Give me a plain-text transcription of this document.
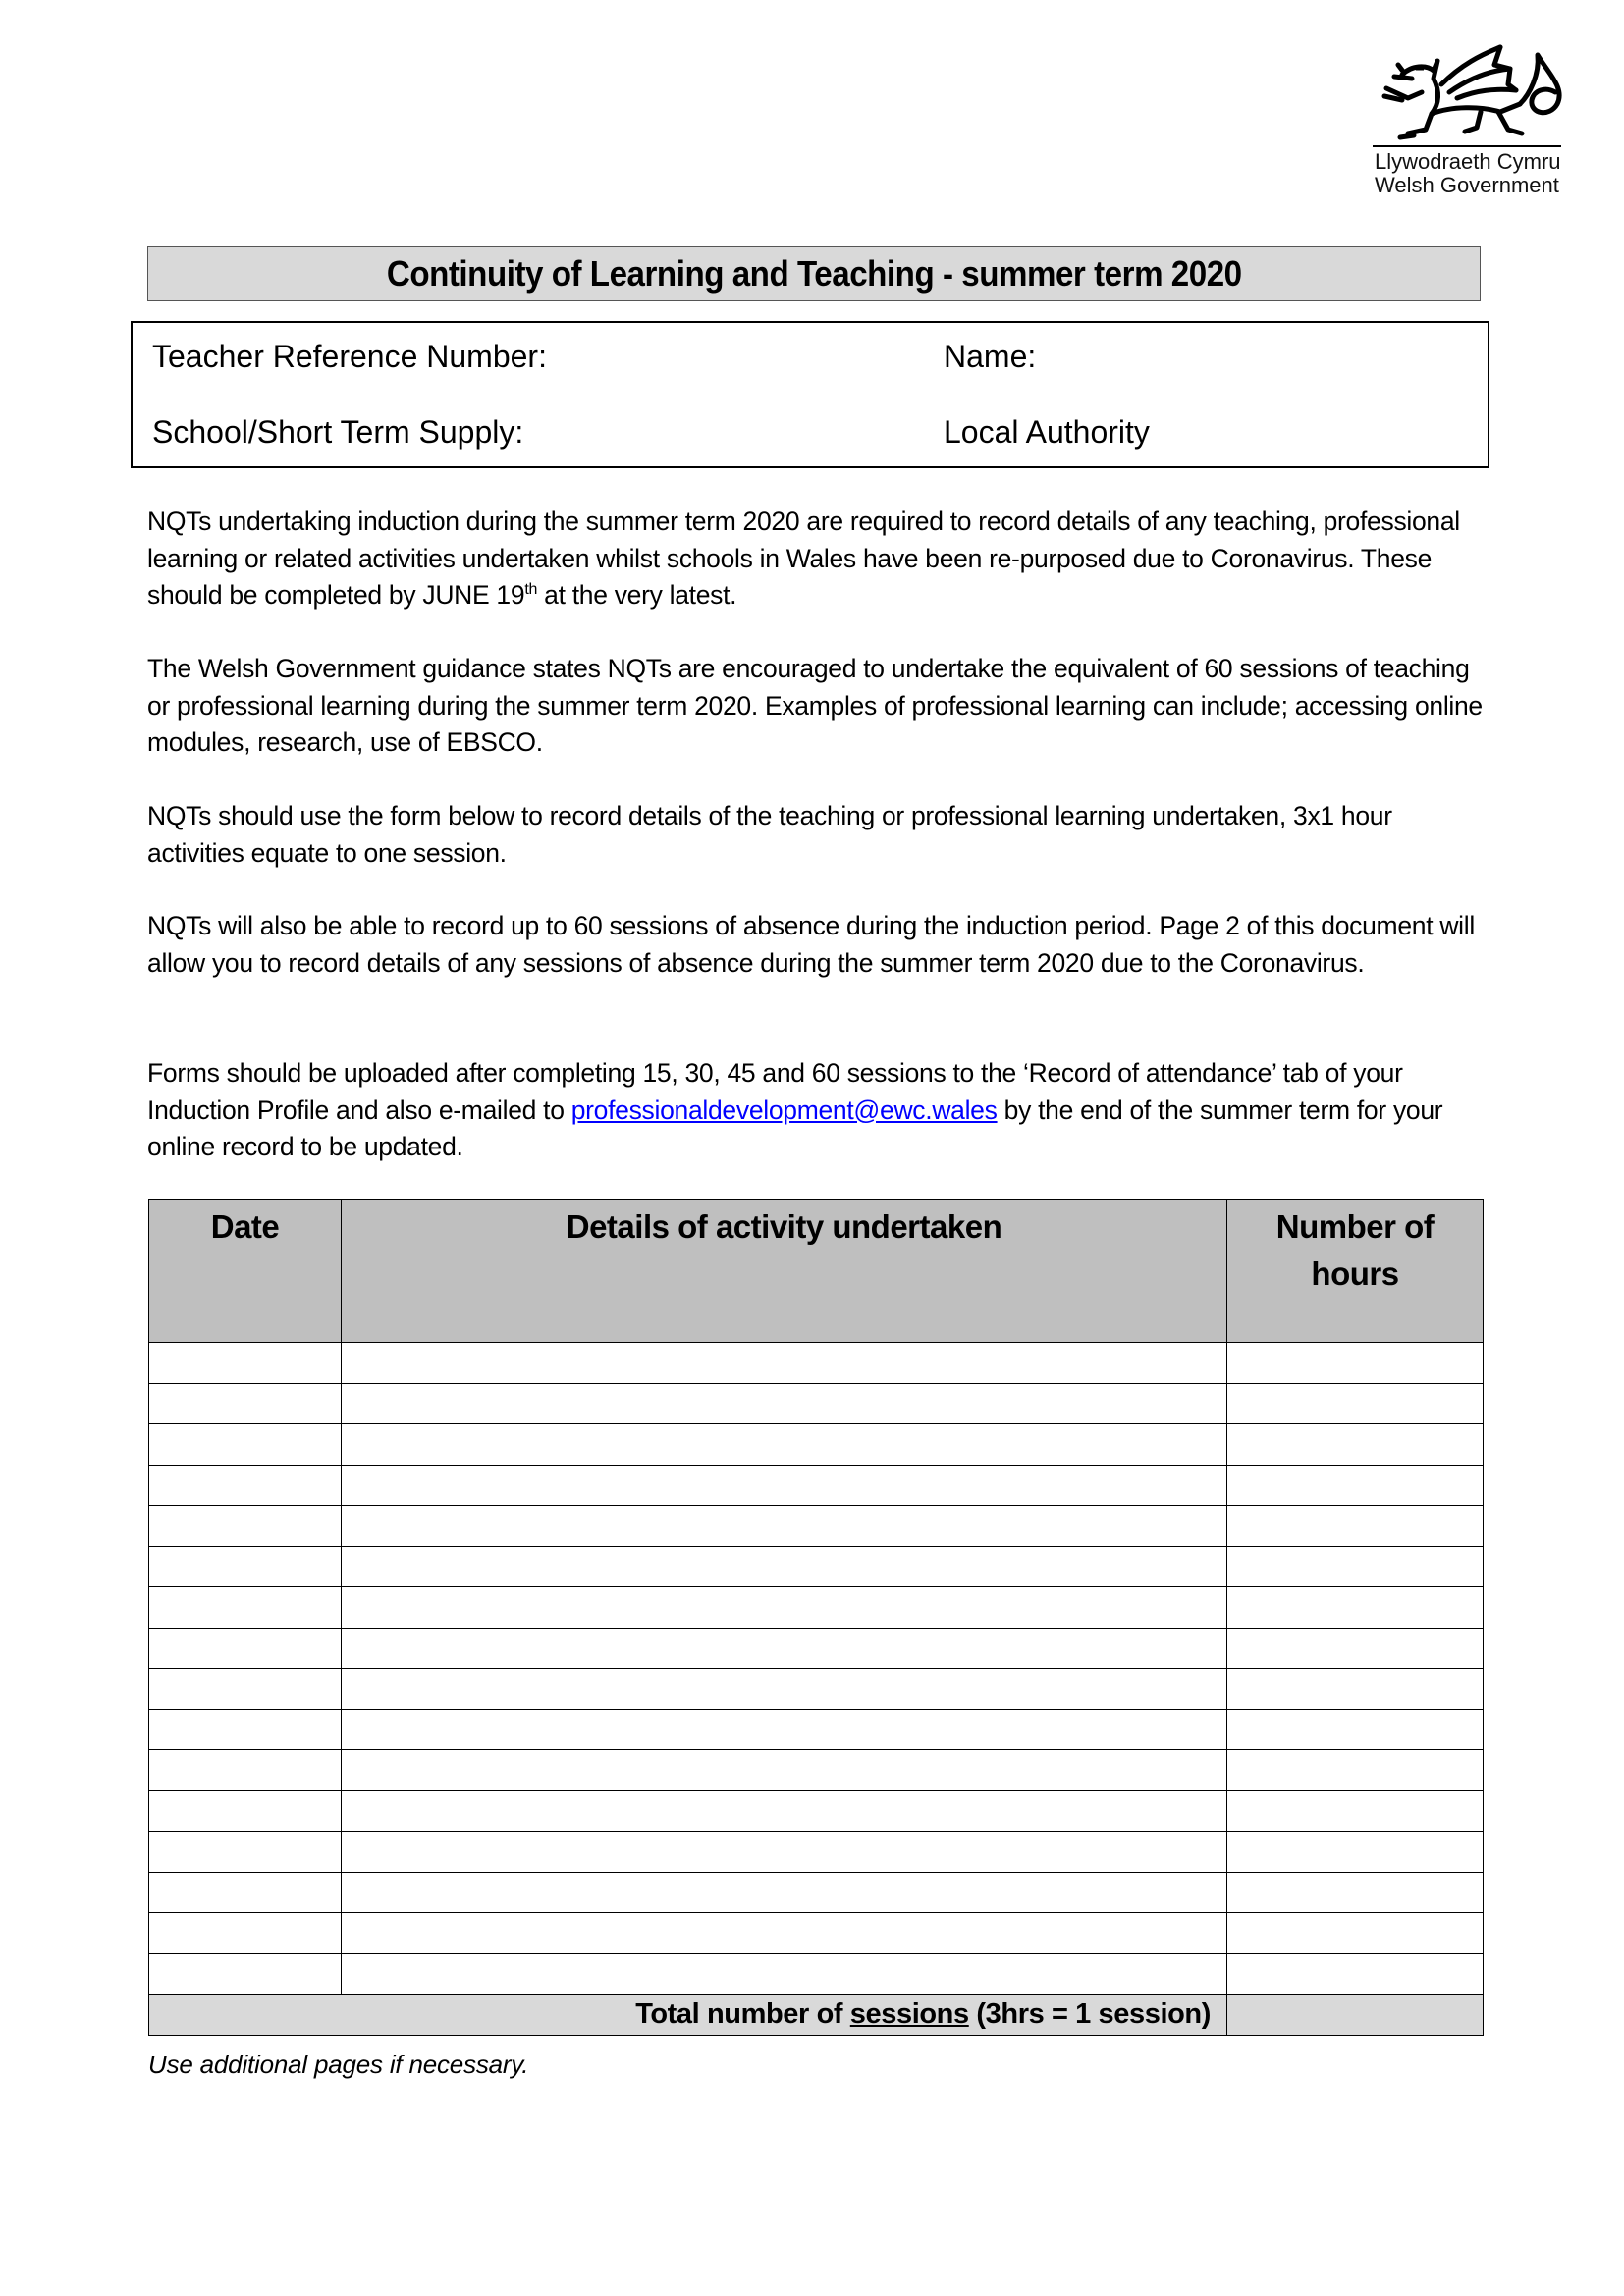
Llywodraeth Cymru
Welsh Government
Continuity of Learning and Teaching - summer term 2020
Teacher Reference Number:	Name:
School/Short Term Supply:	Local Authority
NQTs undertaking induction during the summer term 2020 are required to record details of any teaching, professional learning or related activities undertaken whilst schools in Wales have been re-purposed due to Coronavirus. These should be completed by JUNE 19th at the very latest.
The Welsh Government guidance states NQTs are encouraged to undertake the equivalent of 60 sessions of teaching or professional learning during the summer term 2020. Examples of professional learning can include; accessing online modules, research, use of EBSCO.
NQTs should use the form below to record details of the teaching or professional learning undertaken, 3x1 hour activities equate to one session.
NQTs will also be able to record up to 60 sessions of absence during the induction period. Page 2 of this document will allow you to record details of any sessions of absence during the summer term 2020 due to the Coronavirus.
Forms should be uploaded after completing 15, 30, 45 and 60 sessions to the ‘Record of attendance’ tab of your Induction Profile and also e-mailed to professionaldevelopment@ewc.wales by the end of the summer term for your online record to be updated.
Date	Details of activity undertaken	Number of hours

Total number of sessions (3hrs = 1 session)		
Use additional pages if necessary.
